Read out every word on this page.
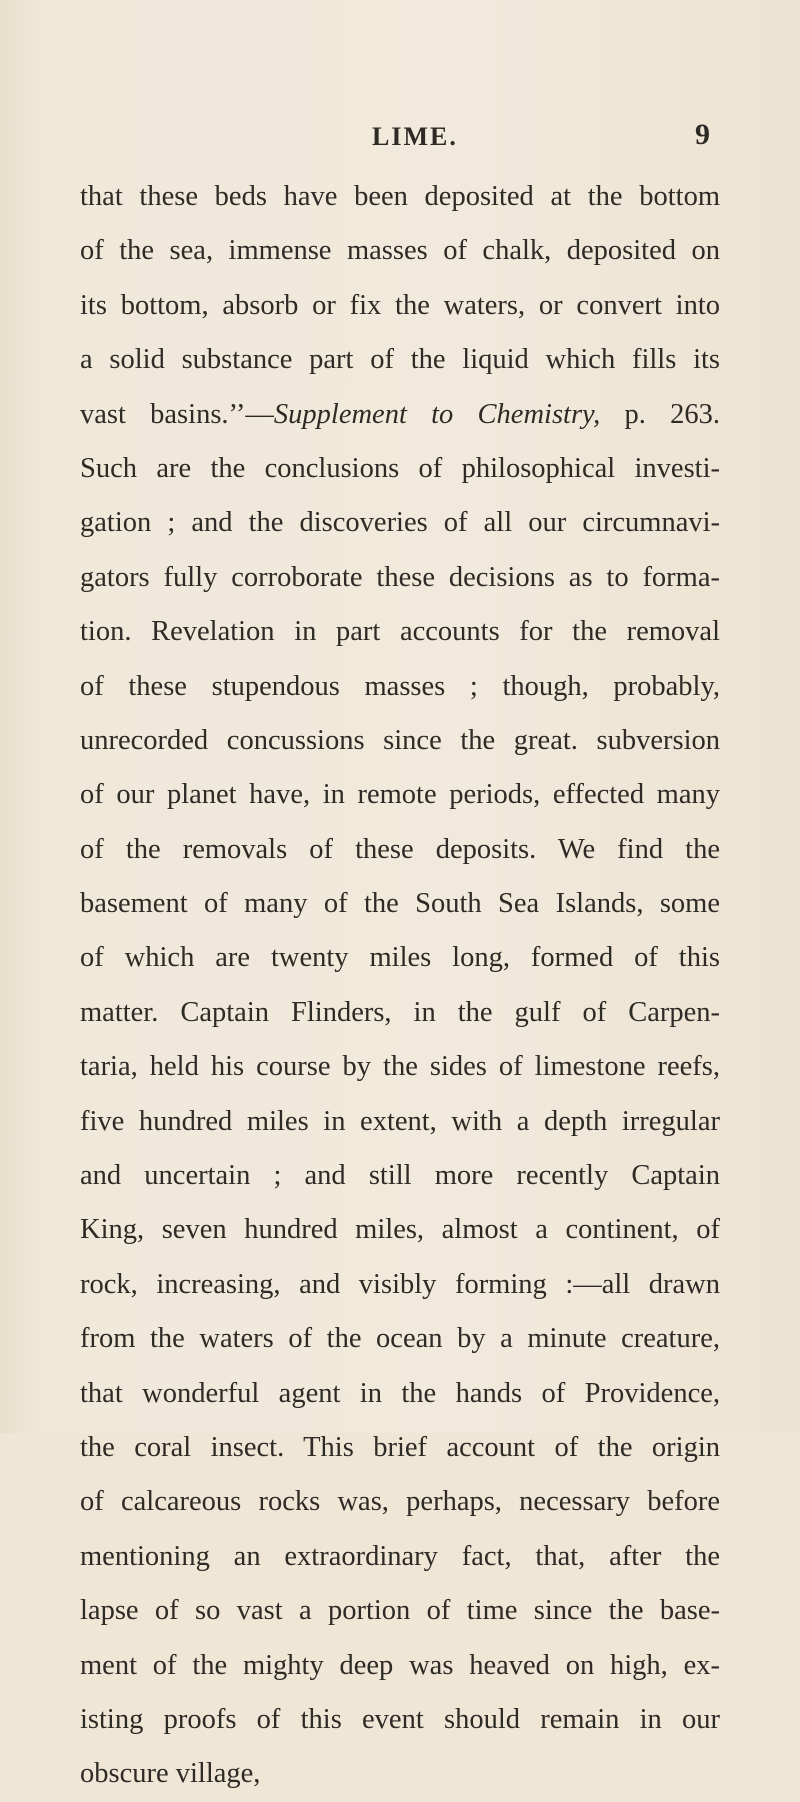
LIME.	9
that these beds have been deposited at the bottom
of the sea, immense masses of chalk, deposited on
its bottom, absorb or fix the waters, or convert into
a solid substance part of the liquid which fills its
vast basins.’’—Supplement to Chemistry, p. 263.
Such are the conclusions of philosophical investi-
gation ; and the discoveries of all our circumnavi-
gators fully corroborate these decisions as to forma-
tion. Revelation in part accounts for the removal
of these stupendous masses ; though, probably,
unrecorded concussions since the great. subversion
of our planet have, in remote periods, effected many
of the removals of these deposits. We find the
basement of many of the South Sea Islands, some
of which are twenty miles long, formed of this
matter. Captain Flinders, in the gulf of Carpen-
taria, held his course by the sides of limestone reefs,
five hundred miles in extent, with a depth irregular
and uncertain ; and still more recently Captain
King, seven hundred miles, almost a continent, of
rock, increasing, and visibly forming :—all drawn
from the waters of the ocean by a minute creature,
that wonderful agent in the hands of Providence,
the coral insect. This brief account of the origin
of calcareous rocks was, perhaps, necessary before
mentioning an extraordinary fact, that, after the
lapse of so vast a portion of time since the base-
ment of the mighty deep was heaved on high, ex-
isting proofs of this event should remain in our
obscure village,
